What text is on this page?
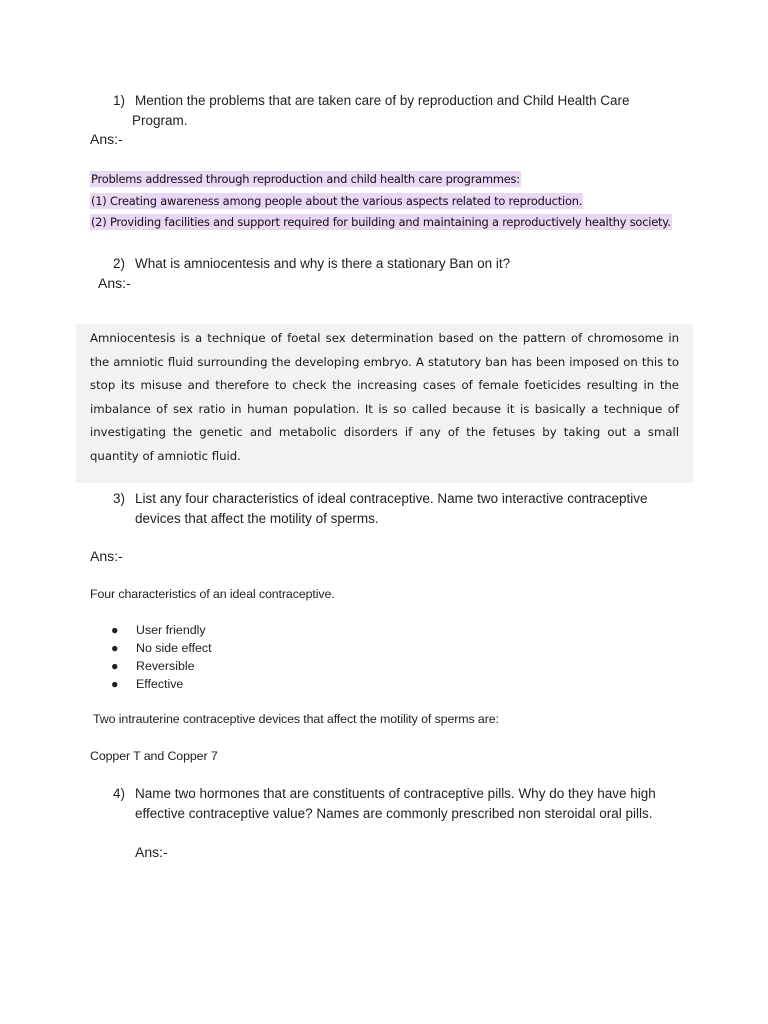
1) Mention the problems that are taken care of by reproduction and Child Health Care
Program.
Ans:-
Problems addressed through reproduction and child health care programmes:
(1) Creating awareness among people about the various aspects related to reproduction.
(2) Providing facilities and support required for building and maintaining a reproductively healthy society.
2) What is amniocentesis and why is there a stationary Ban on it?
Ans:-
Amniocentesis is a technique of foetal sex determination based on the pattern of chromosome in the amniotic fluid surrounding the developing embryo. A statutory ban has been imposed on this to stop its misuse and therefore to check the increasing cases of female foeticides resulting in the imbalance of sex ratio in human population. It is so called because it is basically a technique of investigating the genetic and metabolic disorders if any of the fetuses by taking out a small quantity of amniotic fluid.
3) List any four characteristics of ideal contraceptive. Name two interactive contraceptive
devices that affect the motility of sperms.
Ans:-
Four characteristics of an ideal contraceptive.
● User friendly
● No side effect
● Reversible
● Effective
Two intrauterine contraceptive devices that affect the motility of sperms are:
Copper T and Copper 7
4) Name two hormones that are constituents of contraceptive pills. Why do they have high
effective contraceptive value? Names are commonly prescribed non steroidal oral pills.
Ans:-
